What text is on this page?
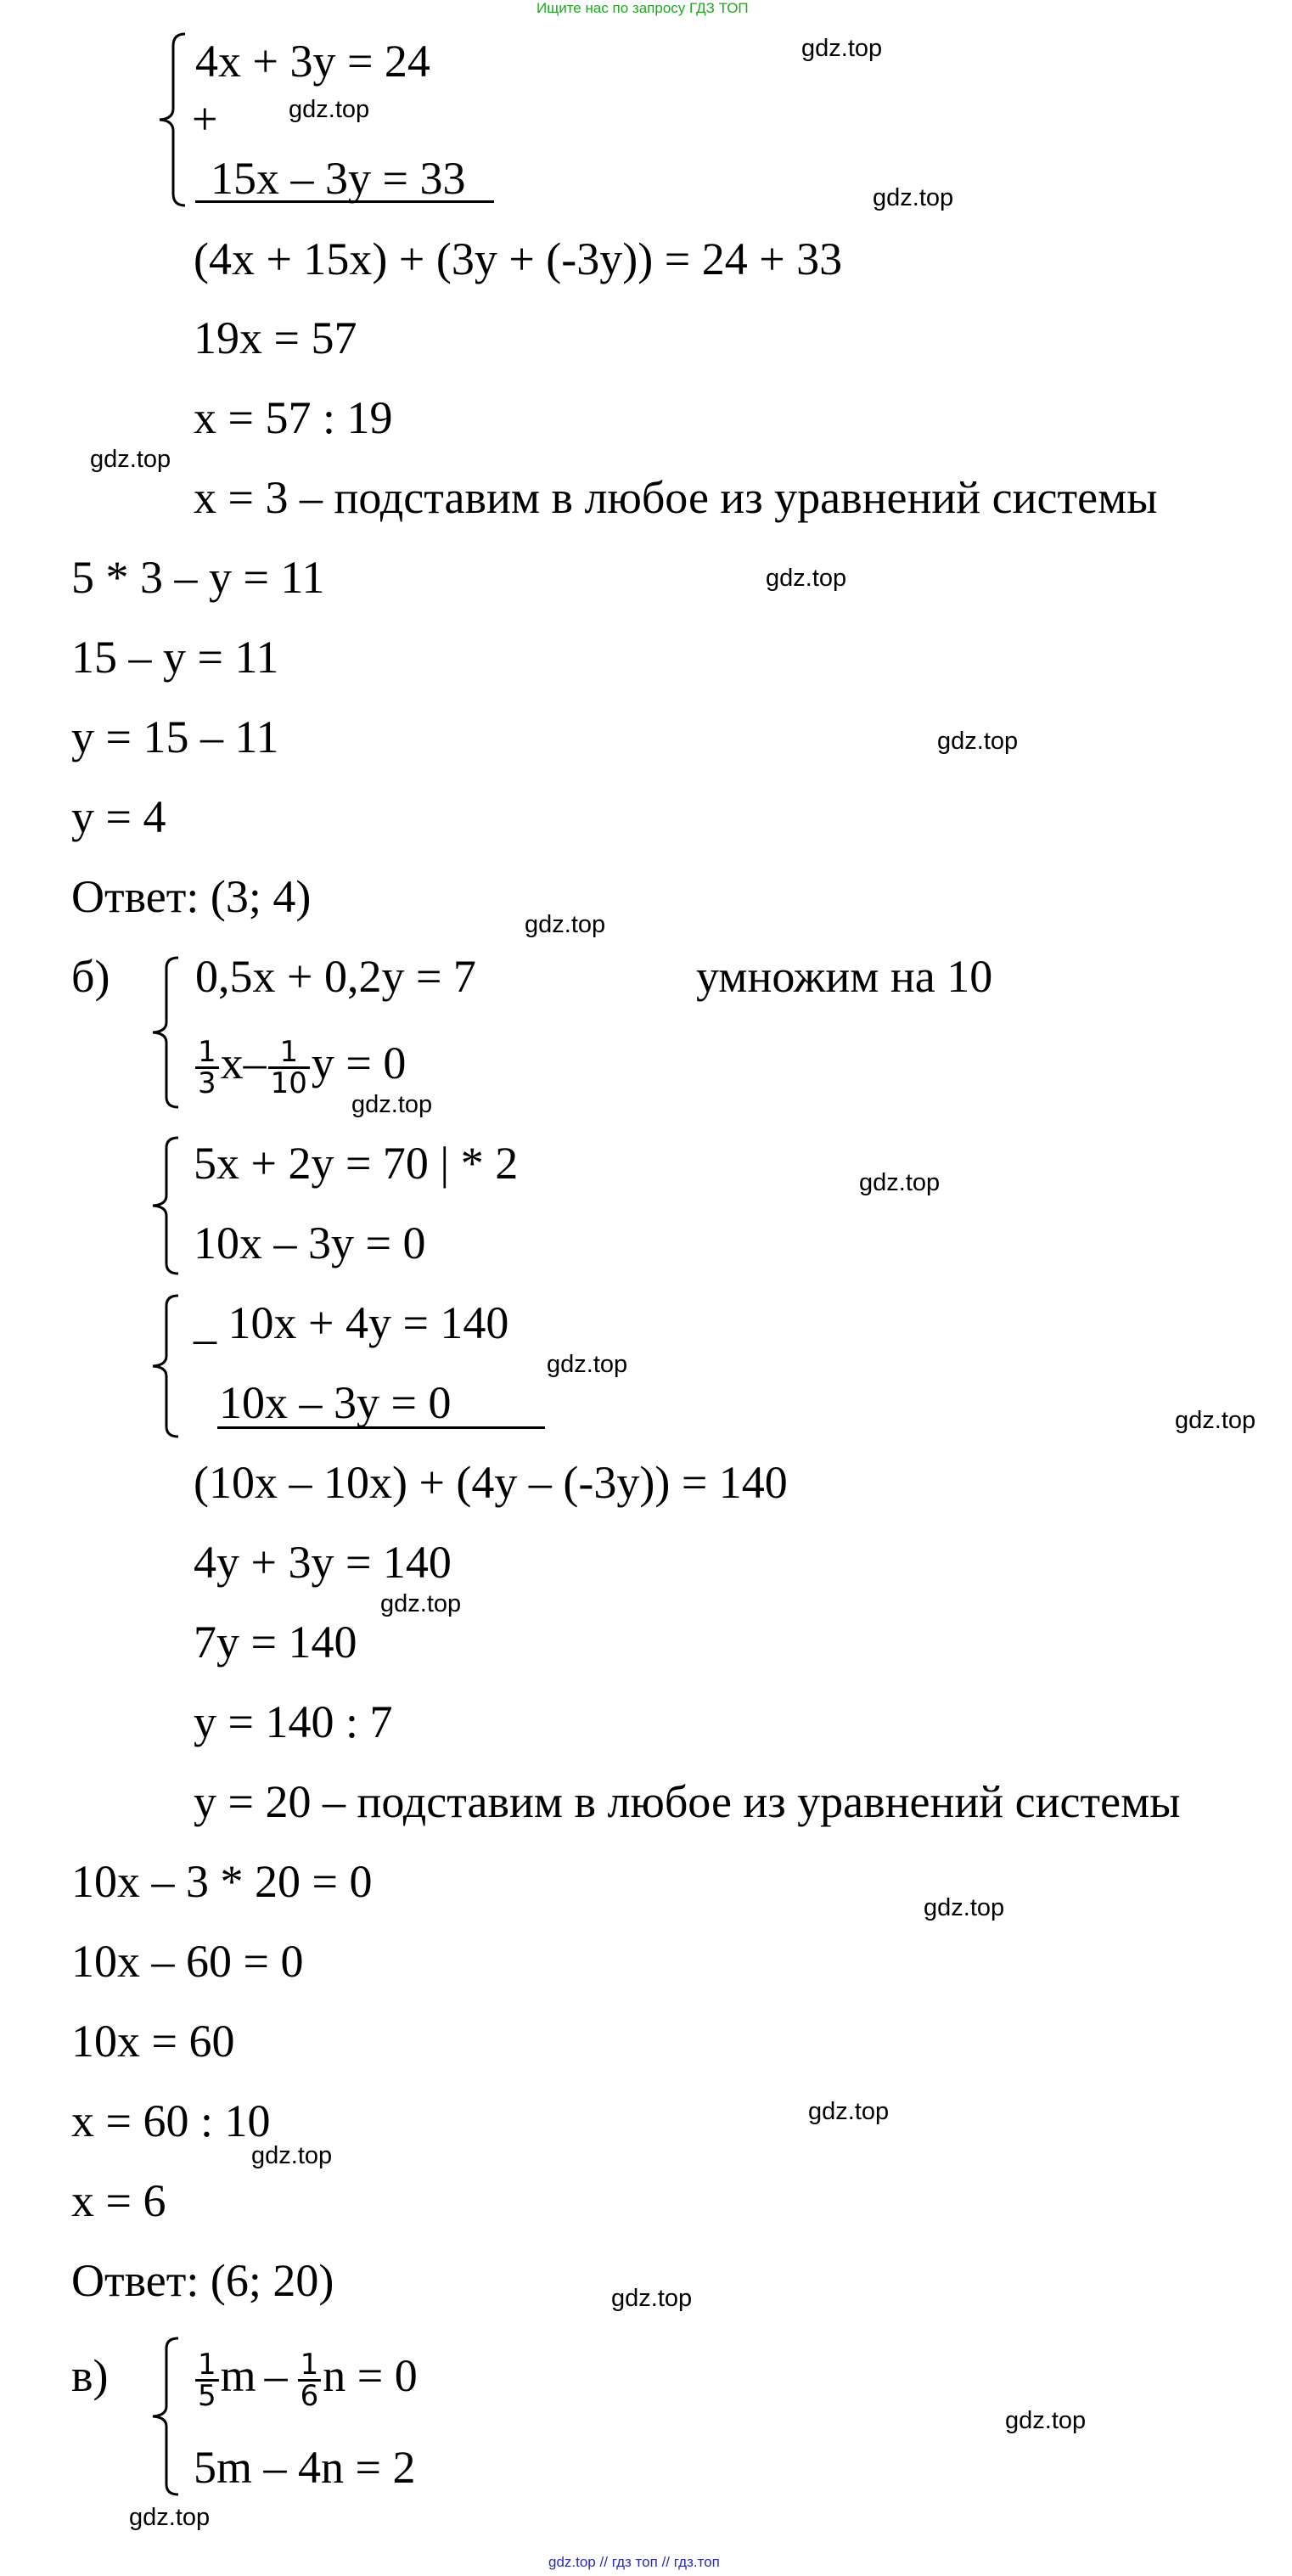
Ищите нас по запросу ГДЗ ТОП
4x + 3y = 24
+
15x – 3y = 33
(4x + 15x) + (3y + (-3y)) = 24 + 33
19x = 57
x = 57 : 19
x = 3 – подставим в любое из уравнений системы
5 * 3 – y = 11
15 – y = 11
y = 15 – 11
y = 4
Ответ: (3; 4)
б) 0,5x + 0,2y = 7	умножим на 10
$\frac{1}{3} x- \frac{1}{10}$ y = 0
5x + 2y = 70 | * 2
10x – 3y = 0
_ 10x + 4y = 140
10x – 3y = 0
(10x – 10x) + (4y – (-3y)) = 140
4y + 3y = 140
7y = 140
y = 140 : 7
y = 20 – подставим в любое из уравнений системы
10x – 3 * 20 = 0
10x – 60 = 0
10x = 60
x = 60 : 10
x = 6
Ответ: (6; 20)
в)	$\frac{1}{5}$ m – $\frac{1}{6}$ n = 0
5m – 4n = 2
gdz.top
gdz.top
gdz.top
gdz.top
gdz.top
gdz.top
gdz.top
gdz.top
gdz.top
gdz.top
gdz.top
gdz.top
gdz.top
gdz.top
gdz.top
gdz.top
gdz.top
gdz.top
gdz.top // гдз топ // гдз.топ
